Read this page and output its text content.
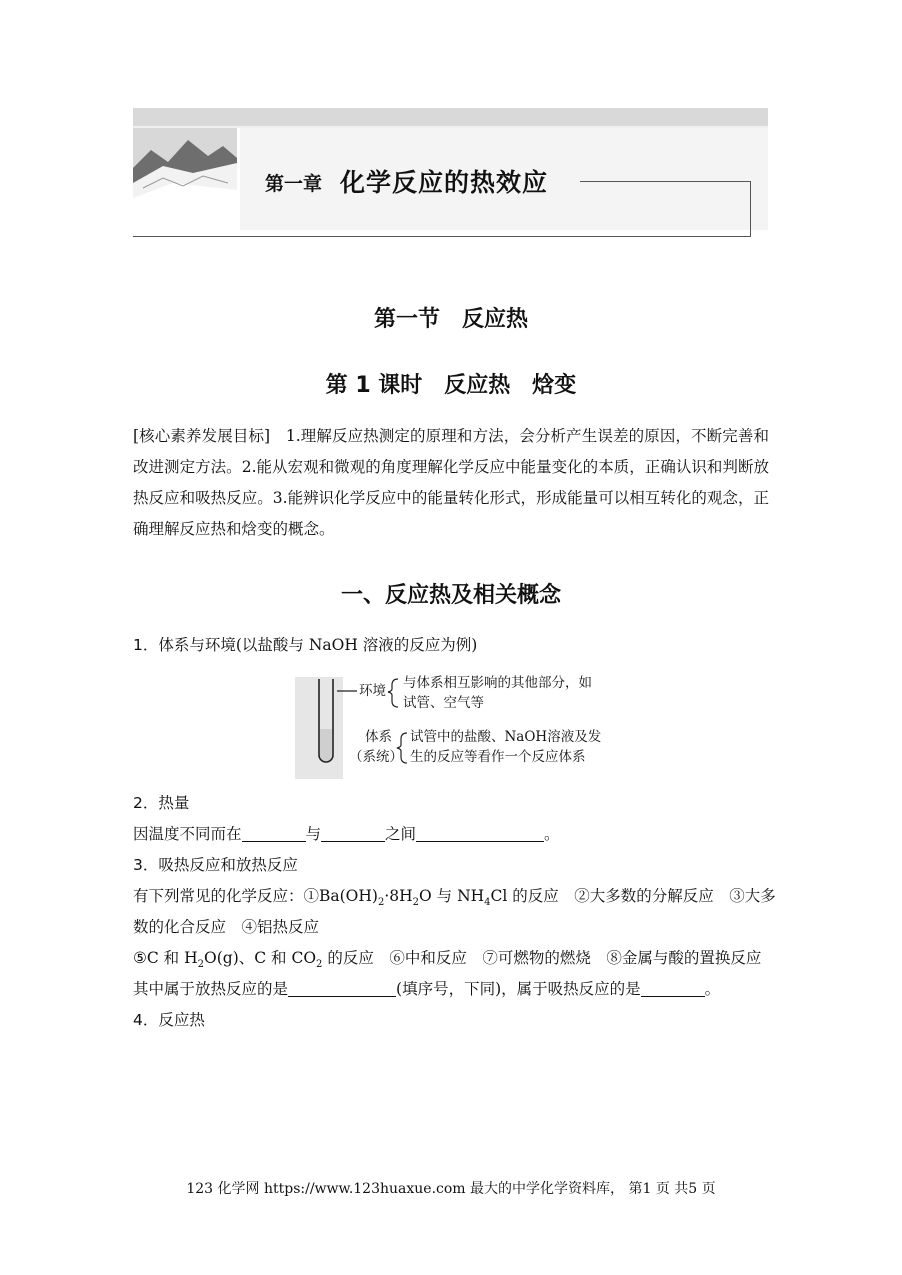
第一章 化学反应的热效应
第一节　反应热
第 1 课时　反应热　焓变
[核心素养发展目标]　1.理解反应热测定的原理和方法，会分析产生误差的原因，不断完善和改进测定方法。2.能从宏观和微观的角度理解化学反应中能量变化的本质，正确认识和判断放热反应和吸热反应。3.能辨识化学反应中的能量转化形式，形成能量可以相互转化的观念，正确理解反应热和焓变的概念。
一、反应热及相关概念
1．体系与环境(以盐酸与 NaOH 溶液的反应为例)
环境 与体系相互影响的其他部分，如
试管、空气等
体系
（系统）
试管中的盐酸、NaOH溶液及发
生的反应等看作一个反应体系
2．热量
因温度不同而在	与	之间	。
3．吸热反应和放热反应
有下列常见的化学反应：$①Ba(OH)_2\cdot 8H_2O$ 与 $NH_4Cl$ 的反应　②大多数的分解反应　③大多
数的化合反应　④铝热反应
⑤C 和 $H_2O(g)$、C 和 $CO_2$ 的反应　⑥中和反应　⑦可燃物的燃烧　⑧金属与酸的置换反应
其中属于放热反应的是	(填序号，下同)，属于吸热反应的是	。
4．反应热
123 化学网 https://www.123huaxue.com 最大的中学化学资料库， 第1 页 共5 页
